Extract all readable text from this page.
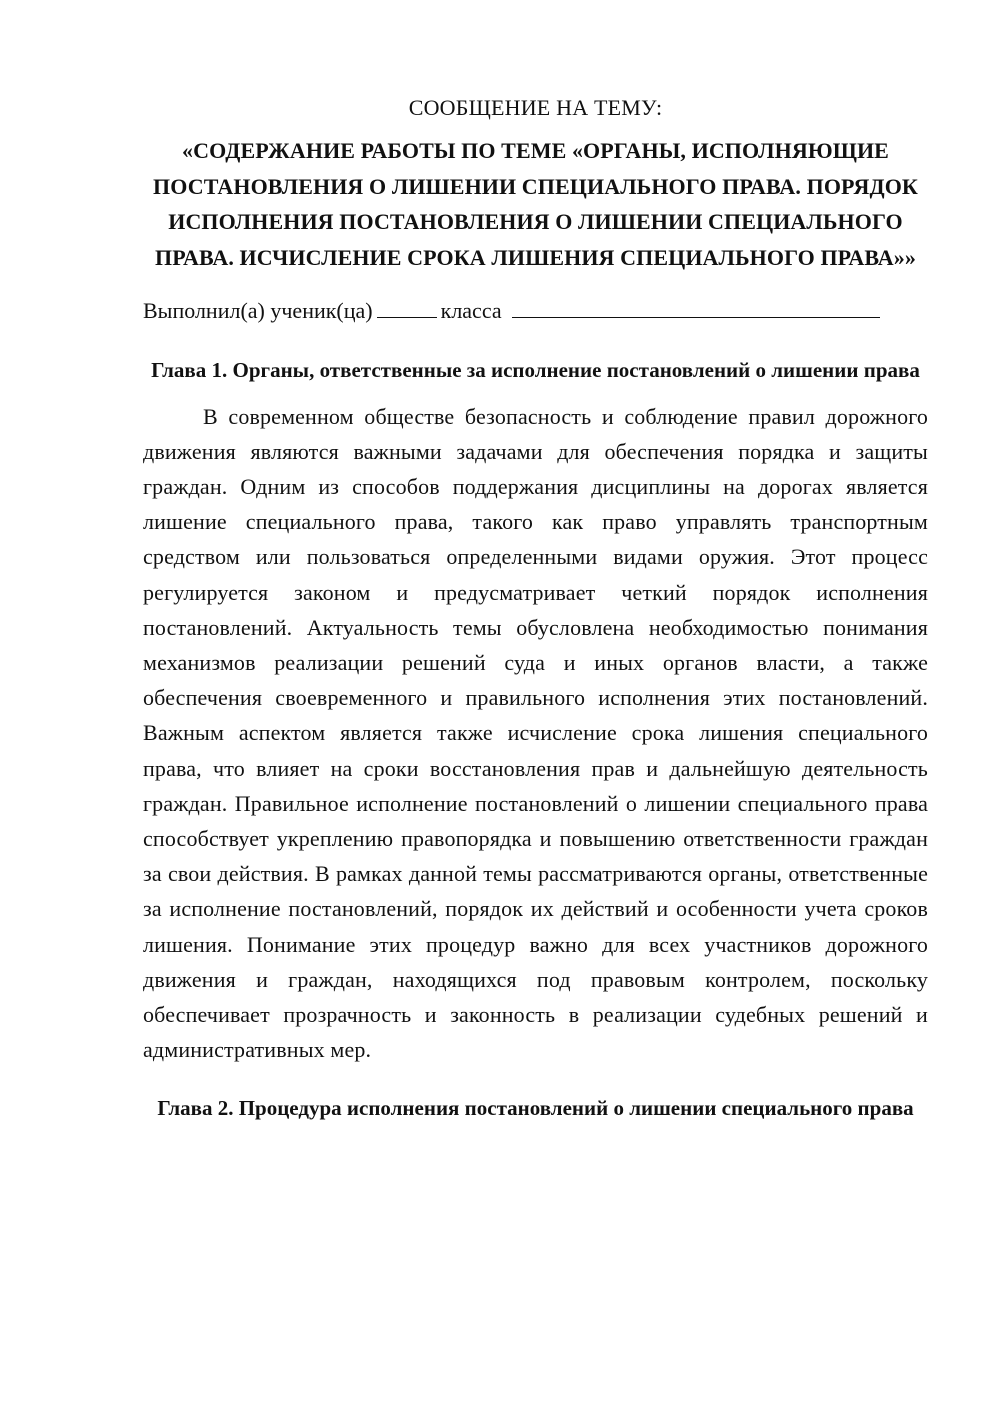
СООБЩЕНИЕ НА ТЕМУ:
«СОДЕРЖАНИЕ РАБОТЫ ПО ТЕМЕ «ОРГАНЫ, ИСПОЛНЯЮЩИЕ ПОСТАНОВЛЕНИЯ О ЛИШЕНИИ СПЕЦИАЛЬНОГО ПРАВА. ПОРЯДОК ИСПОЛНЕНИЯ ПОСТАНОВЛЕНИЯ О ЛИШЕНИИ СПЕЦИАЛЬНОГО ПРАВА. ИСЧИСЛЕНИЕ СРОКА ЛИШЕНИЯ СПЕЦИАЛЬНОГО ПРАВА»»
Выполнил(а) ученик(ца)	класса
Глава 1. Органы, ответственные за исполнение постановлений о лишении права

В современном обществе безопасность и соблюдение правил дорожного движения являются важными задачами для обеспечения порядка и защиты граждан. Одним из способов поддержания дисциплины на дорогах является лишение специального права, такого как право управлять транспортным средством или пользоваться определенными видами оружия. Этот процесс регулируется законом и предусматривает четкий порядок исполнения постановлений. Актуальность темы обусловлена необходимостью понимания механизмов реализации решений суда и иных органов власти, а также обеспечения своевременного и правильного исполнения этих постановлений. Важным аспектом является также исчисление срока лишения специального права, что влияет на сроки восстановления прав и дальнейшую деятельность граждан. Правильное исполнение постановлений о лишении специального права способствует укреплению правопорядка и повышению ответственности граждан за свои действия. В рамках данной темы рассматриваются органы, ответственные за исполнение постановлений, порядок их действий и особенности учета сроков лишения. Понимание этих процедур важно для всех участников дорожного движения и граждан, находящихся под правовым контролем, поскольку обеспечивает прозрачность и законность в реализации судебных решений и административных мер.

Глава 2. Процедура исполнения постановлений о лишении специального права
